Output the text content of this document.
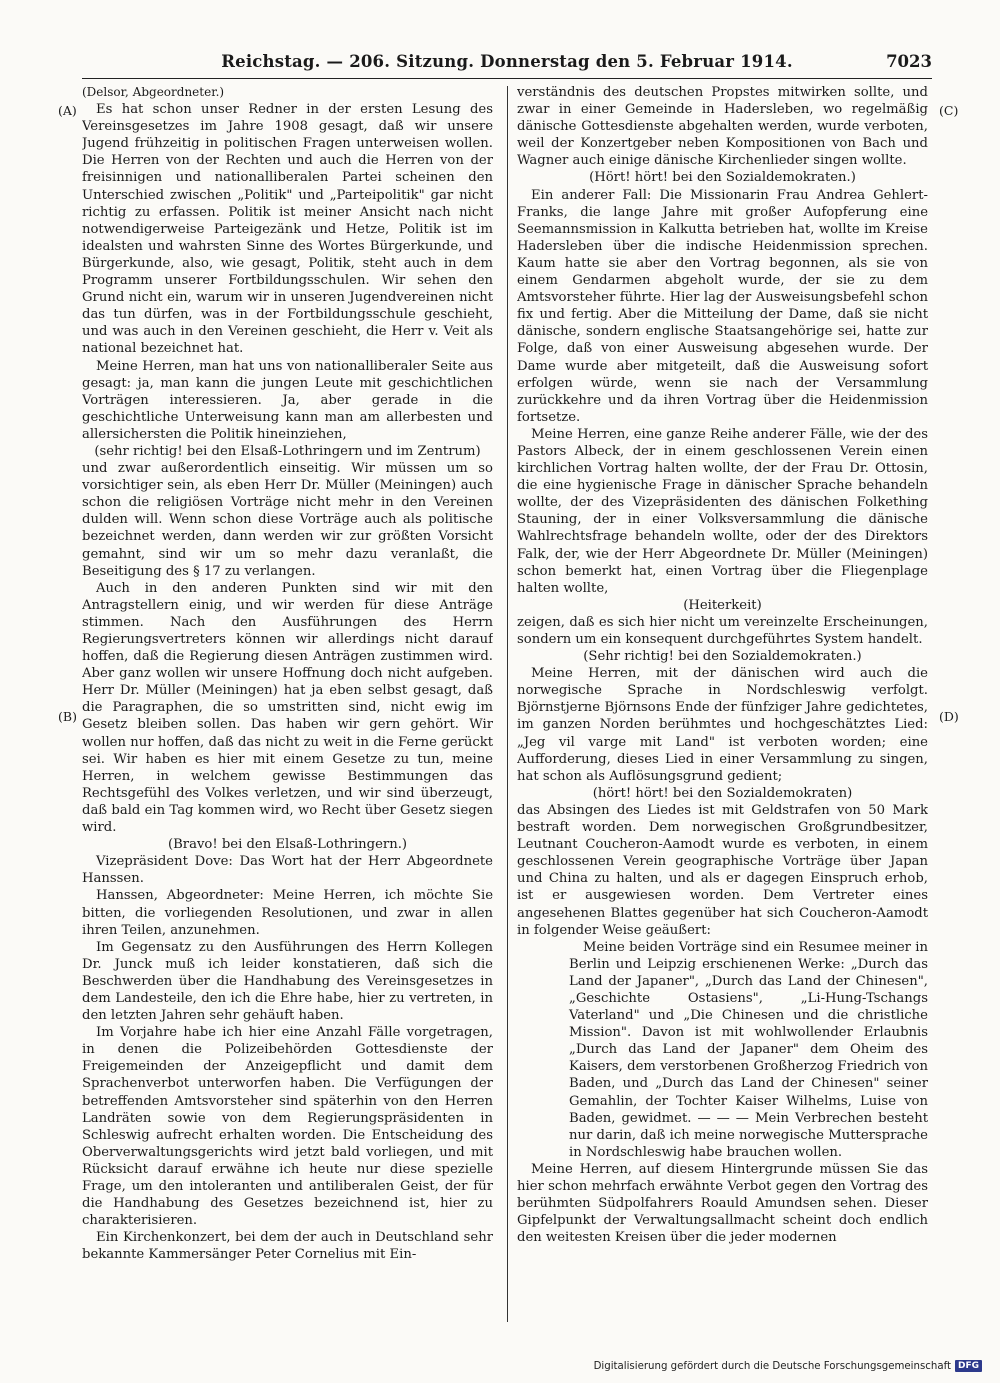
Reichstag. — 206. Sitzung. Donnerstag den 5. Februar 1914.	7023
(A)
(B)
(C)
(D)

(Delsor, Abgeordneter.)

Es hat schon unser Redner in der ersten Lesung des Vereinsgesetzes im Jahre 1908 gesagt, daß wir unsere Jugend frühzeitig in politischen Fragen unterweisen wollen. Die Herren von der Rechten und auch die Herren von der freisinnigen und nationalliberalen Partei scheinen den Unterschied zwischen „Politik" und „Parteipolitik" gar nicht richtig zu erfassen. Politik ist meiner Ansicht nach nicht notwendigerweise Parteigezänk und Hetze, Politik ist im idealsten und wahrsten Sinne des Wortes Bürgerkunde, und Bürgerkunde, also, wie gesagt, Politik, steht auch in dem Programm unserer Fortbildungsschulen. Wir sehen den Grund nicht ein, warum wir in unseren Jugendvereinen nicht das tun dürfen, was in der Fortbildungsschule geschieht, und was auch in den Vereinen geschieht, die Herr v. Veit als national bezeichnet hat.

Meine Herren, man hat uns von nationalliberaler Seite aus gesagt: ja, man kann die jungen Leute mit geschichtlichen Vorträgen interessieren. Ja, aber gerade in die geschichtliche Unterweisung kann man am allerbesten und allersichersten die Politik hineinziehen,

(sehr richtig! bei den Elsaß-Lothringern und im Zentrum)

und zwar außerordentlich einseitig. Wir müssen um so vorsichtiger sein, als eben Herr Dr. Müller (Meiningen) auch schon die religiösen Vorträge nicht mehr in den Vereinen dulden will. Wenn schon diese Vorträge auch als politische bezeichnet werden, dann werden wir zur größten Vorsicht gemahnt, sind wir um so mehr dazu veranlaßt, die Beseitigung des § 17 zu verlangen.

Auch in den anderen Punkten sind wir mit den Antragstellern einig, und wir werden für diese Anträge stimmen. Nach den Ausführungen des Herrn Regierungsvertreters können wir allerdings nicht darauf hoffen, daß die Regierung diesen Anträgen zustimmen wird. Aber ganz wollen wir unsere Hoffnung doch nicht aufgeben. Herr Dr. Müller (Meiningen) hat ja eben selbst gesagt, daß die Paragraphen, die so umstritten sind, nicht ewig im Gesetz bleiben sollen. Das haben wir gern gehört. Wir wollen nur hoffen, daß das nicht zu weit in die Ferne gerückt sei. Wir haben es hier mit einem Gesetze zu tun, meine Herren, in welchem gewisse Bestimmungen das Rechtsgefühl des Volkes verletzen, und wir sind überzeugt, daß bald ein Tag kommen wird, wo Recht über Gesetz siegen wird.

(Bravo! bei den Elsaß-Lothringern.)

Vizepräsident Dove: Das Wort hat der Herr Abgeordnete Hanssen.

Hanssen, Abgeordneter: Meine Herren, ich möchte Sie bitten, die vorliegenden Resolutionen, und zwar in allen ihren Teilen, anzunehmen.

Im Gegensatz zu den Ausführungen des Herrn Kollegen Dr. Junck muß ich leider konstatieren, daß sich die Beschwerden über die Handhabung des Vereinsgesetzes in dem Landesteile, den ich die Ehre habe, hier zu vertreten, in den letzten Jahren sehr gehäuft haben.

Im Vorjahre habe ich hier eine Anzahl Fälle vorgetragen, in denen die Polizeibehörden Gottesdienste der Freigemeinden der Anzeigepflicht und damit dem Sprachenverbot unterworfen haben. Die Verfügungen der betreffenden Amtsvorsteher sind späterhin von den Herren Landräten sowie von dem Regierungspräsidenten in Schleswig aufrecht erhalten worden. Die Entscheidung des Oberverwaltungsgerichts wird jetzt bald vorliegen, und mit Rücksicht darauf erwähne ich heute nur diese spezielle Frage, um den intoleranten und antiliberalen Geist, der für die Handhabung des Gesetzes bezeichnend ist, hier zu charakterisieren.

Ein Kirchenkonzert, bei dem der auch in Deutschland sehr bekannte Kammersänger Peter Cornelius mit Ein-

verständnis des deutschen Propstes mitwirken sollte, und zwar in einer Gemeinde in Hadersleben, wo regelmäßig dänische Gottesdienste abgehalten werden, wurde verboten, weil der Konzertgeber neben Kompositionen von Bach und Wagner auch einige dänische Kirchenlieder singen wollte.

(Hört! hört! bei den Sozialdemokraten.)

Ein anderer Fall: Die Missionarin Frau Andrea Gehlert-Franks, die lange Jahre mit großer Aufopferung eine Seemannsmission in Kalkutta betrieben hat, wollte im Kreise Hadersleben über die indische Heidenmission sprechen. Kaum hatte sie aber den Vortrag begonnen, als sie von einem Gendarmen abgeholt wurde, der sie zu dem Amtsvorsteher führte. Hier lag der Ausweisungsbefehl schon fix und fertig. Aber die Mitteilung der Dame, daß sie nicht dänische, sondern englische Staatsangehörige sei, hatte zur Folge, daß von einer Ausweisung abgesehen wurde. Der Dame wurde aber mitgeteilt, daß die Ausweisung sofort erfolgen würde, wenn sie nach der Versammlung zurückkehre und da ihren Vortrag über die Heidenmission fortsetze.

Meine Herren, eine ganze Reihe anderer Fälle, wie der des Pastors Albeck, der in einem geschlossenen Verein einen kirchlichen Vortrag halten wollte, der der Frau Dr. Ottosin, die eine hygienische Frage in dänischer Sprache behandeln wollte, der des Vizepräsidenten des dänischen Folkething Stauning, der in einer Volksversammlung die dänische Wahlrechtsfrage behandeln wollte, oder der des Direktors Falk, der, wie der Herr Abgeordnete Dr. Müller (Meiningen) schon bemerkt hat, einen Vortrag über die Fliegenplage halten wollte,

(Heiterkeit)

zeigen, daß es sich hier nicht um vereinzelte Erscheinungen, sondern um ein konsequent durchgeführtes System handelt.

(Sehr richtig! bei den Sozialdemokraten.)

Meine Herren, mit der dänischen wird auch die norwegische Sprache in Nordschleswig verfolgt. Björnstjerne Björnsons Ende der fünfziger Jahre gedichtetes, im ganzen Norden berühmtes und hochgeschätztes Lied: „Jeg vil varge mit Land" ist verboten worden; eine Aufforderung, dieses Lied in einer Versammlung zu singen, hat schon als Auflösungsgrund gedient;

(hört! hört! bei den Sozialdemokraten)

das Absingen des Liedes ist mit Geldstrafen von 50 Mark bestraft worden. Dem norwegischen Großgrundbesitzer, Leutnant Coucheron-Aamodt wurde es verboten, in einem geschlossenen Verein geographische Vorträge über Japan und China zu halten, und als er dagegen Einspruch erhob, ist er ausgewiesen worden. Dem Vertreter eines angesehenen Blattes gegenüber hat sich Coucheron-Aamodt in folgender Weise geäußert:

Meine beiden Vorträge sind ein Resumee meiner in Berlin und Leipzig erschienenen Werke: „Durch das Land der Japaner", „Durch das Land der Chinesen", „Geschichte Ostasiens", „Li-Hung-Tschangs Vaterland" und „Die Chinesen und die christliche Mission". Davon ist mit wohlwollender Erlaubnis „Durch das Land der Japaner" dem Oheim des Kaisers, dem verstorbenen Großherzog Friedrich von Baden, und „Durch das Land der Chinesen" seiner Gemahlin, der Tochter Kaiser Wilhelms, Luise von Baden, gewidmet. — — — Mein Verbrechen besteht nur darin, daß ich meine norwegische Muttersprache in Nordschleswig habe brauchen wollen.

Meine Herren, auf diesem Hintergrunde müssen Sie das hier schon mehrfach erwähnte Verbot gegen den Vortrag des berühmten Südpolfahrers Roauld Amundsen sehen. Dieser Gipfelpunkt der Verwaltungsallmacht scheint doch endlich den weitesten Kreisen über die jeder modernen

Digitalisierung gefördert durch die Deutsche Forschungsgemeinschaft DFG
